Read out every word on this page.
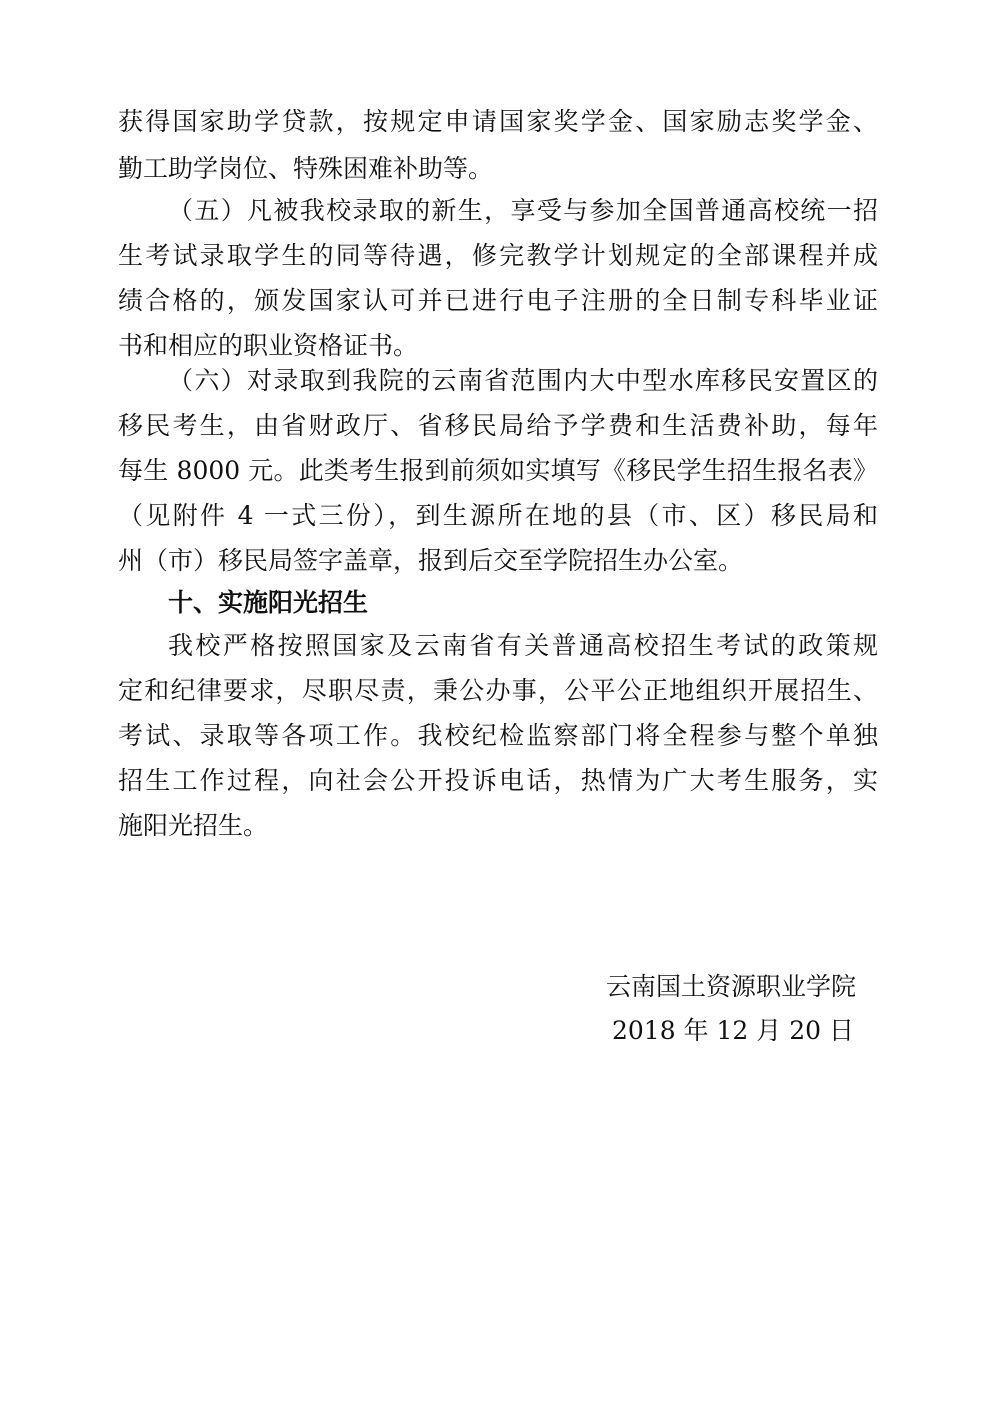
获得国家助学贷款，按规定申请国家奖学金、国家励志奖学金、
勤工助学岗位、特殊困难补助等。
（五）凡被我校录取的新生，享受与参加全国普通高校统一招
生考试录取学生的同等待遇，修完教学计划规定的全部课程并成
绩合格的，颁发国家认可并已进行电子注册的全日制专科毕业证
书和相应的职业资格证书。
（六）对录取到我院的云南省范围内大中型水库移民安置区的
移民考生，由省财政厅、省移民局给予学费和生活费补助，每年
每生 8000 元。此类考生报到前须如实填写《移民学生招生报名表》
（见附件 4 一式三份），到生源所在地的县（市、区）移民局和
州（市）移民局签字盖章，报到后交至学院招生办公室。
十、实施阳光招生
我校严格按照国家及云南省有关普通高校招生考试的政策规
定和纪律要求，尽职尽责，秉公办事，公平公正地组织开展招生、
考试、录取等各项工作。我校纪检监察部门将全程参与整个单独
招生工作过程，向社会公开投诉电话，热情为广大考生服务，实
施阳光招生。
云南国土资源职业学院
2018 年 12 月 20 日
